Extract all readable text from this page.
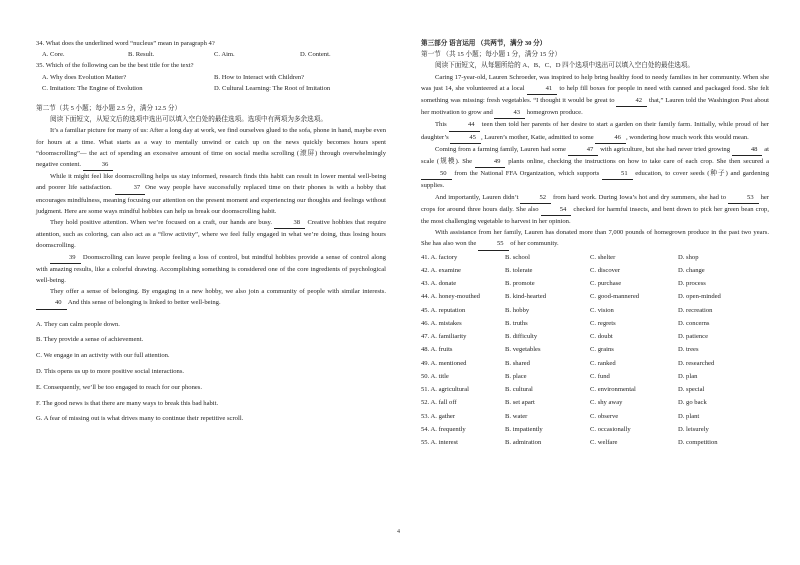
34. What does the underlined word “nucleus” mean in paragraph 4?
A. Core.	B. Result.	C. Aim.	D. Content.
35. Which of the following can be the best title for the text?
A. Why does Evolution Matter?	B. How to Interact with Children?
C. Imitation: The Engine of Evolution	D. Cultural Learning: The Root of Imitation
第二节（共 5 小题；每小题 2.5 分，满分 12.5 分）
阅读下面短文，从短文后的选项中选出可以填入空白处的最佳选项。选项中有两项为多余选项。

It’s a familiar picture for many of us: After a long day at work, we find ourselves glued to the sofa, phone in hand, maybe even for hours at a time. What starts as a way to mentally unwind or catch up on the news quickly becomes hours spent “doomscrolling”— the act of spending an excessive amount of time on social media scrolling (滚屏) through overwhelmingly negative content.	36

While it might feel like doomscrolling helps us stay informed, research finds this habit can result in lower mental well-being and poorer life satisfaction.	37 One way people have successfully replaced time on their phones is with a hobby that encourages mindfulness, meaning focusing our attention on the present moment and experiencing our thoughts and feelings without judgment. Here are some ways mindful hobbies can help us break our doomscrolling habit.

They hold positive attention. When we’re focused on a craft, our hands are busy.	38 Creative hobbies that require attention, such as coloring, can also act as a “flow activity”, where we feel fully engaged in what we’re doing, thus losing hours doomscrolling.

39 Doomscrolling can leave people feeling a loss of control, but mindful hobbies provide a sense of control along with amazing results, like a colorful drawing. Accomplishing something is considered one of the core ingredients of psychological well-being.

They offer a sense of belonging. By engaging in a new hobby, we also join a community of people with similar interests. 40 And this sense of belonging is linked to better well-being.

A. They can calm people down.
B. They provide a sense of achievement.
C. We engage in an activity with our full attention.
D. This opens us up to more positive social interactions.
E. Consequently, we’ll be too engaged to reach for our phones.
F. The good news is that there are many ways to break this bad habit.
G. A fear of missing out is what drives many to continue their repetitive scroll.
第三部分 语言运用 （共两节，满分 30 分）
第一节 （共 15 小题；每小题 1 分，满分 15 分）
阅读下面短文，从每题所给的 A、B、C、D 四个选项中选出可以填入空白处的最佳选项。

Caring 17-year-old, Lauren Schroeder, was inspired to help bring healthy food to needy families in her community. When she was just 14, she volunteered at a local	41 to help fill boxes for people in need with canned and packaged food. She felt something was missing: fresh vegetables. “I thought it would be great to	42 that,” Lauren told the Washington Post about her motivation to grow and	43 homegrown produce.

This	44 teen then told her parents of her desire to start a garden on their family farm. Initially, while proud of her daughter’s	45 , Lauren’s mother, Katie, admitted to some	46 , wondering how much work this would mean.

Coming from a farming family, Lauren had some	47 with agriculture, but she had never tried growing	48 at scale (规模). She	49 plants online, checking the instructions on how to take care of each crop. She then secured a 50 from the National FFA Organization, which supports	51 education, to cover seeds (种子) and gardening supplies.

And importantly, Lauren didn’t	52 from hard work. During Iowa’s hot and dry summers, she had to	53 her crops for around three hours daily. She also	54 checked for harmful insects, and bent down to pick her green bean crop, the most challenging vegetable to harvest in her opinion.

With assistance from her family, Lauren has donated more than 7,000 pounds of homegrown produce in the past two years. She has also won the	55 of her community.

41. A. factory	B. school	C. shelter	D. shop
42. A. examine	B. tolerate	C. discover	D. change
43. A. donate	B. promote	C. purchase	D. process
44. A. honey-mouthed	B. kind-hearted	C. good-mannered	D. open-minded
45. A. reputation	B. hobby	C. vision	D. recreation
46. A. mistakes	B. truths	C. regrets	D. concerns
47. A. familiarity	B. difficulty	C. doubt	D. patience
48. A. fruits	B. vegetables	C. grains	D. trees
49. A. mentioned	B. shared	C. ranked	D. researched
50. A. title	B. place	C. fund	D. plan
51. A. agricultural	B. cultural	C. environmental	D. special
52. A. fall off	B. set apart	C. shy away	D. go back
53. A. gather	B. water	C. observe	D. plant
54. A. frequently	B. impatiently	C. occasionally	D. leisurely
55. A. interest	B. admiration	C. welfare	D. competition
4
